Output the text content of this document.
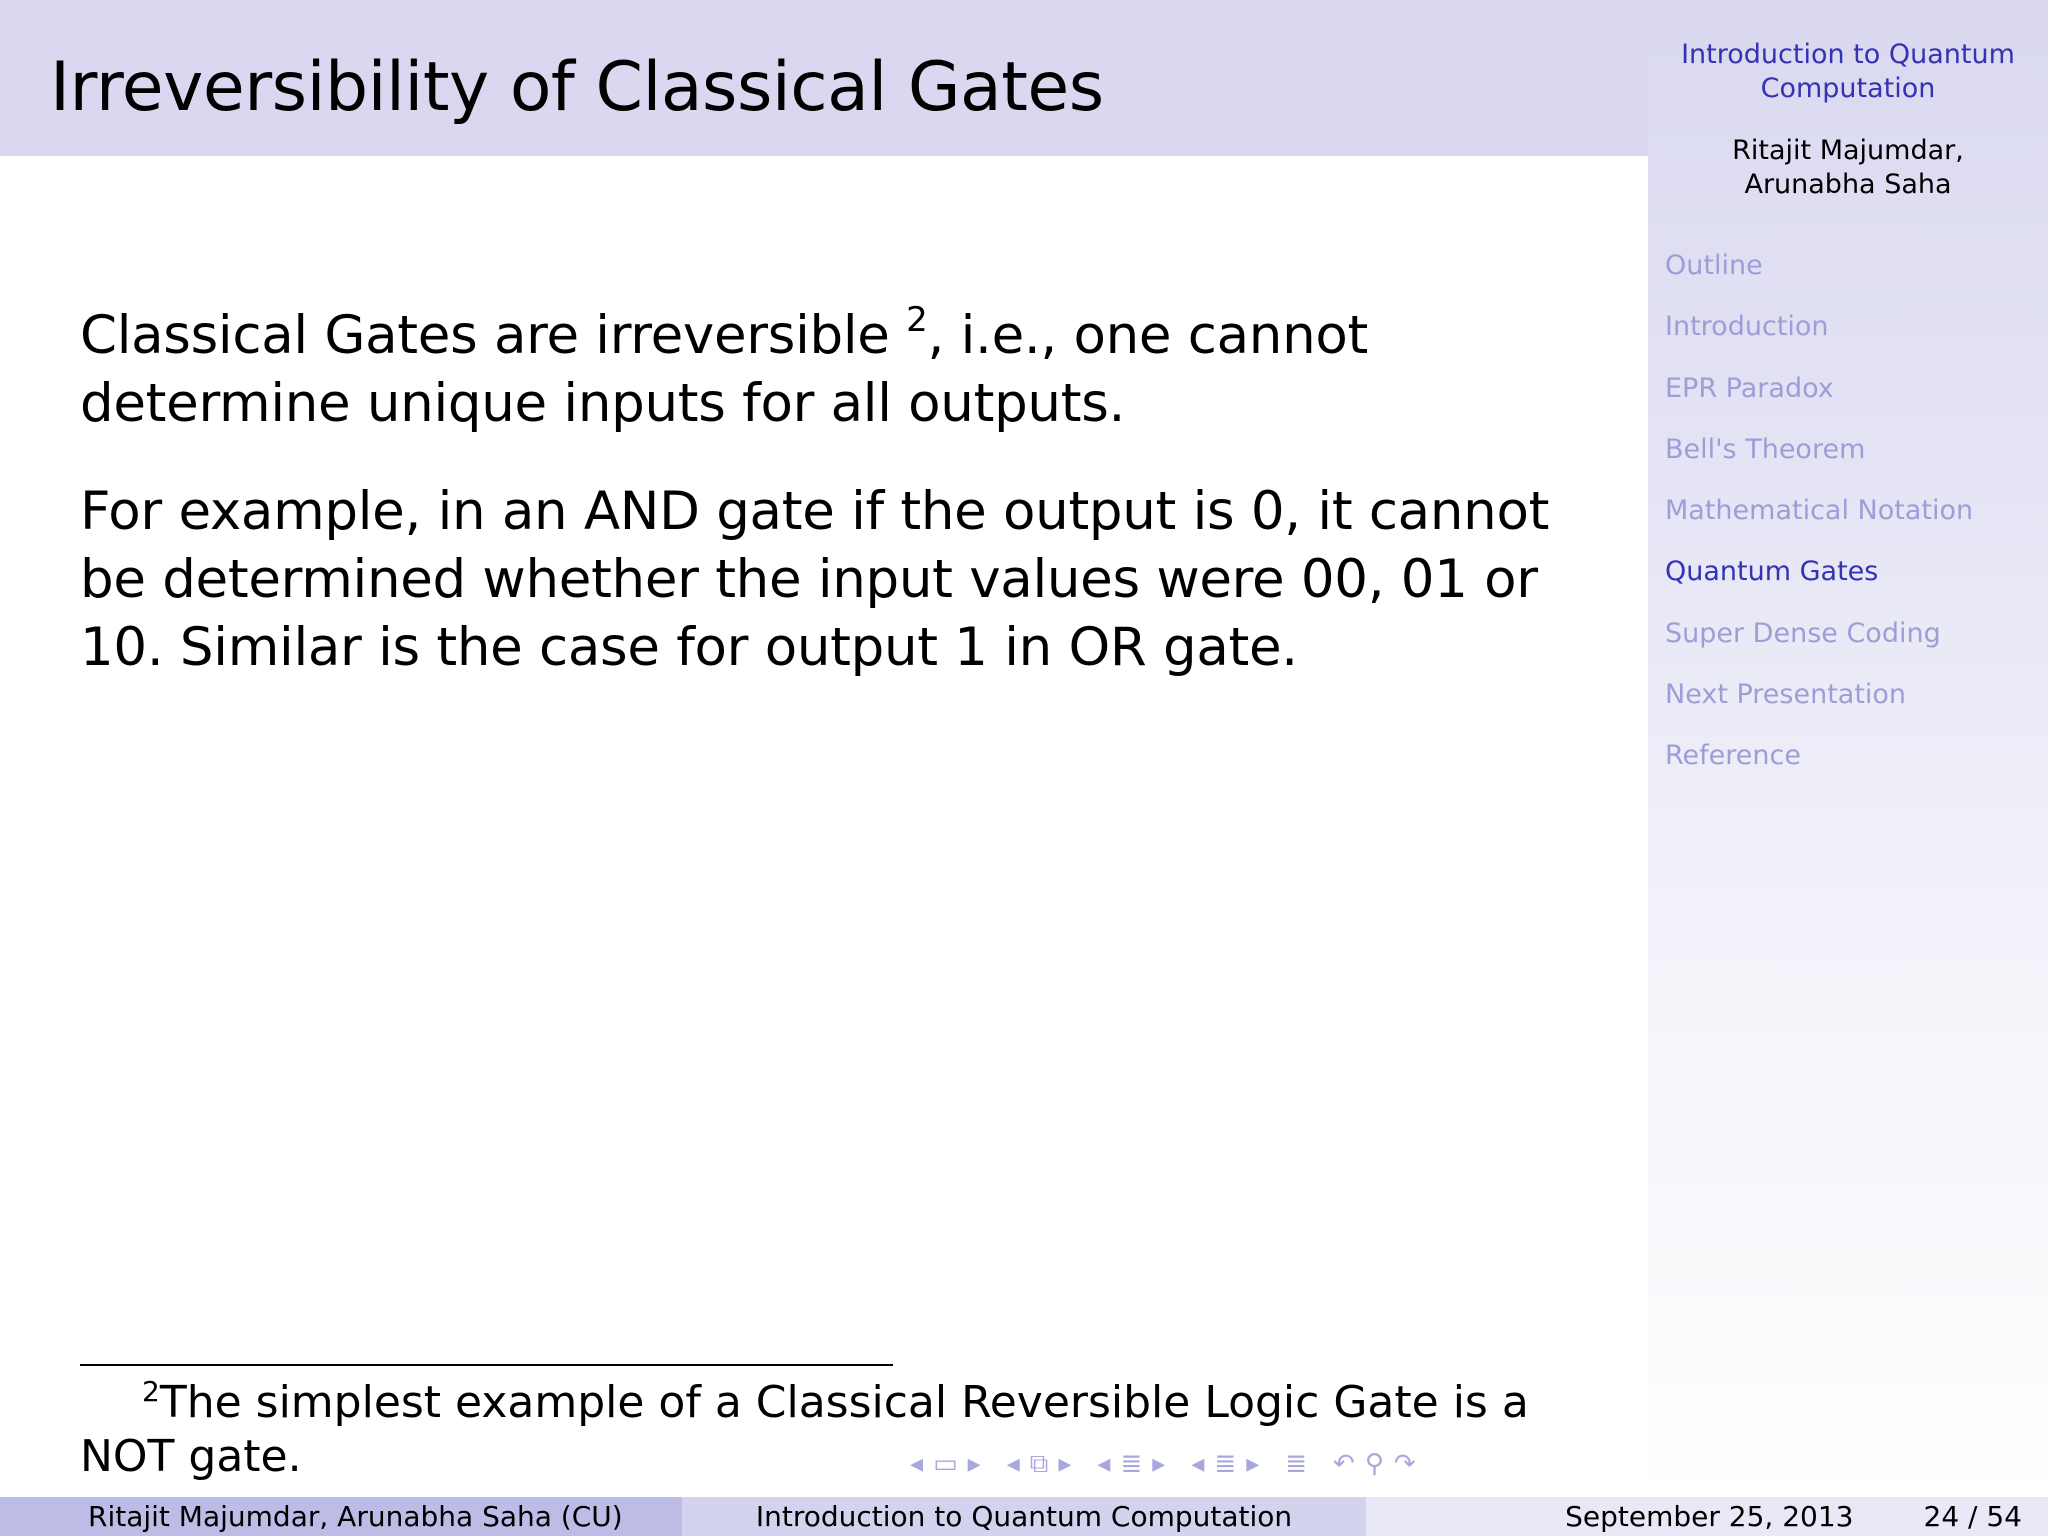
Irreversibility of Classical Gates	Introduction to Quantum Computation
Ritajit Majumdar, Arunabha Saha
Outline
Introduction
EPR Paradox
Bell's Theorem
Mathematical Notation
Quantum Gates
Super Dense Coding
Next Presentation
Reference

Classical Gates are irreversible $^2$, i.e., one cannot determine unique inputs for all outputs.

For example, in an AND gate if the output is 0, it cannot be determined whether the input values were 00, 01 or 10. Similar is the case for output 1 in OR gate.

$^2$The simplest example of a Classical Reversible Logic Gate is a NOT gate.	◂ ▭ ▸ ◂ ⧉ ▸ ◂ ≣ ▸ ◂ ≣ ▸ ≣ ↶ ⚲ ↷
Ritajit Majumdar, Arunabha Saha (CU)	Introduction to Quantum Computation	September 25, 2013	24 / 54
